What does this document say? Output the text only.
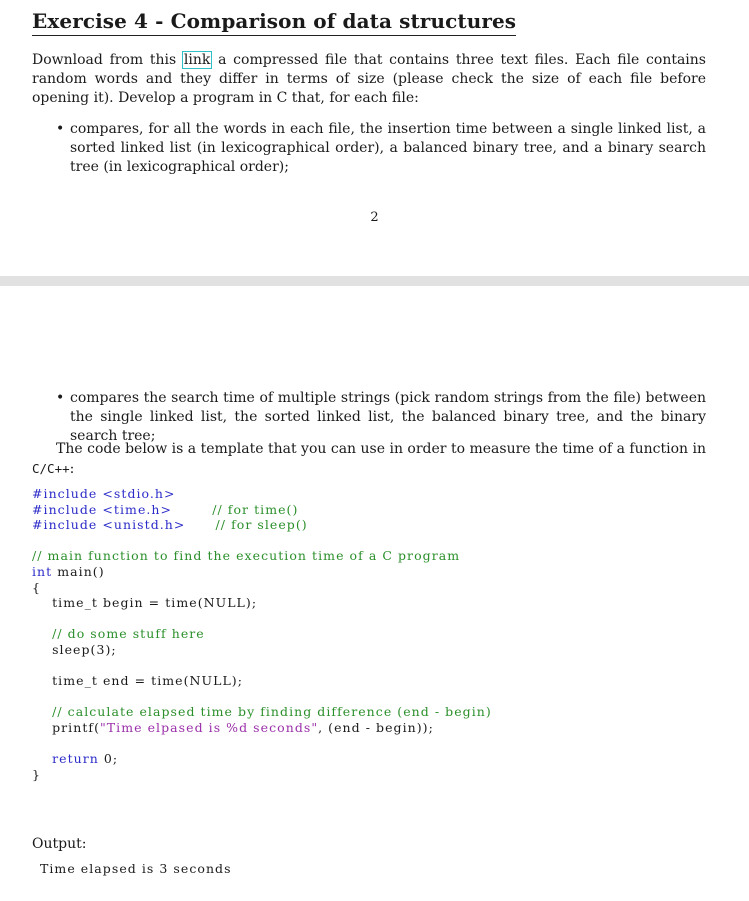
Exercise 4 - Comparison of data structures
Download from this link a compressed file that contains three text files. Each file contains random words and they differ in terms of size (please check the size of each file before opening it). Develop a program in C that, for each file:
• compares, for all the words in each file, the insertion time between a single linked list, a sorted linked list (in lexicographical order), a balanced binary tree, and a binary search tree (in lexicographical order);
2
• compares the search time of multiple strings (pick random strings from the file) between the single linked list, the sorted linked list, the balanced binary tree, and the binary search tree;
The code below is a template that you can use in order to measure the time of a function in C/C++:
#include <stdio.h>
#include <time.h>	// for time()
#include <unistd.h> // for sleep()

// main function to find the execution time of a C program
int main()
{
time_t begin = time(NULL);

// do some stuff here
sleep(3);

time_t end = time(NULL);

// calculate elapsed time by finding difference (end - begin)
printf("Time elpased is %d seconds", (end - begin));

return 0;
}
Output:
Time elapsed is 3 seconds
